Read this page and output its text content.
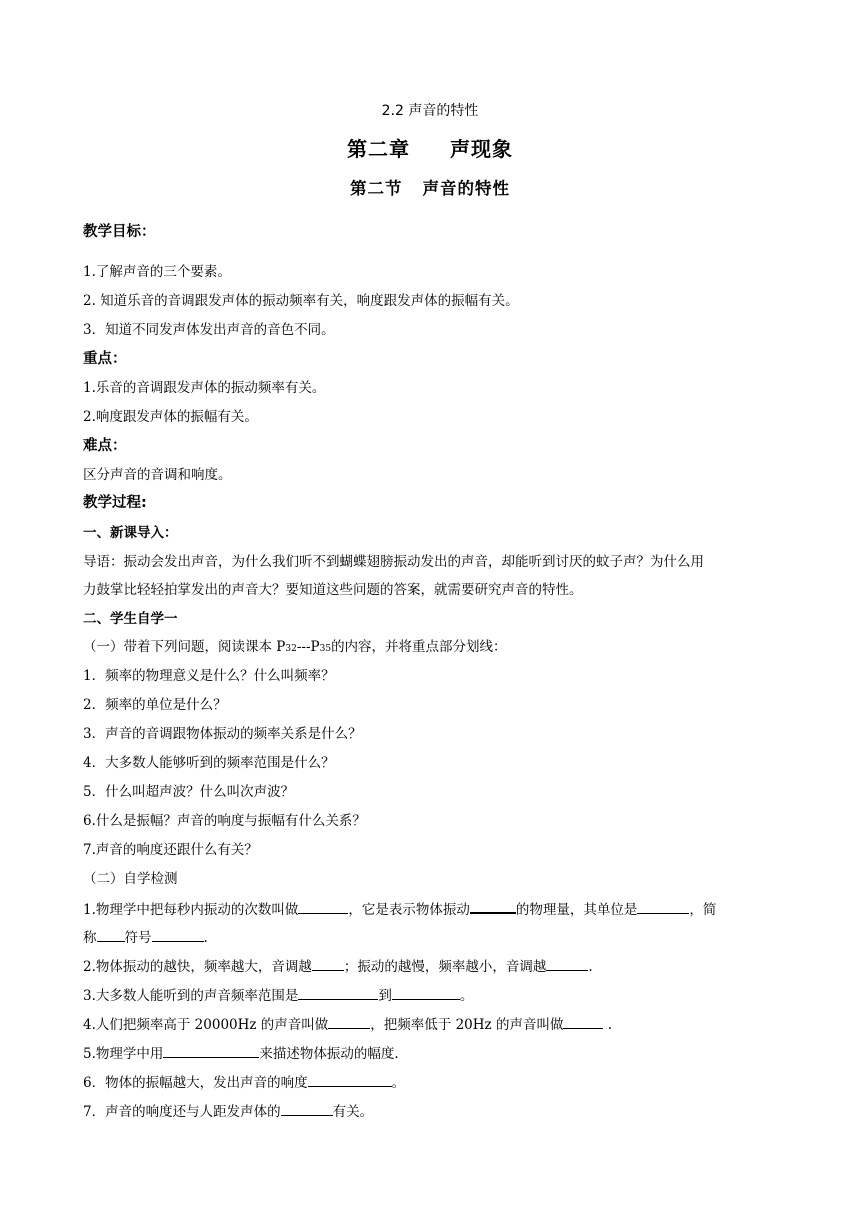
2.2 声音的特性
第二章 声现象
第二节 声音的特性
教学目标：
1.了解声音的三个要素。
2. 知道乐音的音调跟发声体的振动频率有关，响度跟发声体的振幅有关。
3．知道不同发声体发出声音的音色不同。
重点：
1.乐音的音调跟发声体的振动频率有关。
2.响度跟发声体的振幅有关。
难点：
区分声音的音调和响度。
教学过程:
一、新课导入：
导语：振动会发出声音，为什么我们听不到蝴蝶翅膀振动发出的声音，却能听到讨厌的蚊子声？为什么用
力鼓掌比轻轻拍掌发出的声音大？要知道这些问题的答案，就需要研究声音的特性。
二、学生自学一
（一）带着下列问题，阅读课本 P32---P35的内容，并将重点部分划线：
1．频率的物理意义是什么？什么叫频率？
2．频率的单位是什么？
3．声音的音调跟物体振动的频率关系是什么？
4．大多数人能够听到的频率范围是什么？
5．什么叫超声波？什么叫次声波？
6.什么是振幅？声音的响度与振幅有什么关系？
7.声音的响度还跟什么有关？
（二）自学检测
1.物理学中把每秒内振动的次数叫做	，它是表示物体振动	的物理量，其单位是	，简
称 符号	.
2.物体振动的越快，频率越大，音调越 ；振动的越慢，频率越小，音调越	.
3.大多数人能听到的声音频率范围是	到	。
4.人们把频率高于 20000Hz 的声音叫做	，把频率低于 20Hz 的声音叫做	.
5.物理学中用	来描述物体振动的幅度.
6．物体的振幅越大，发出声音的响度	。
7．声音的响度还与人距发声体的	有关。
